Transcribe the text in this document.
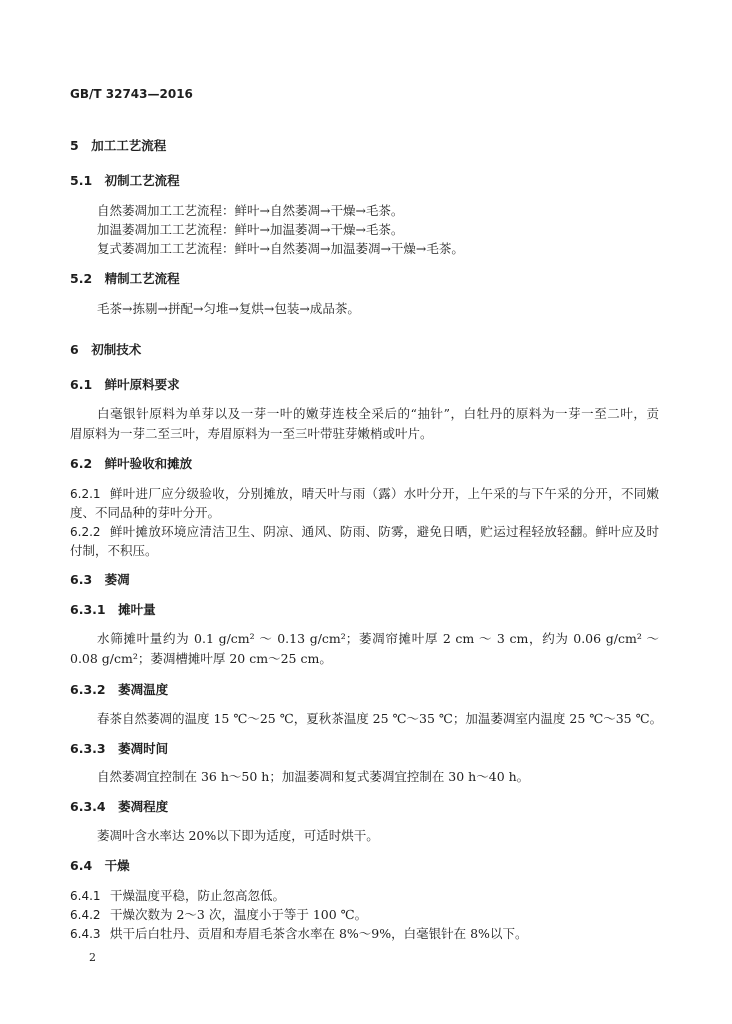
GB/T 32743—2016
5　加工工艺流程
5.1　初制工艺流程
自然萎凋加工工艺流程：鲜叶→自然萎凋→干燥→毛茶。
加温萎凋加工工艺流程：鲜叶→加温萎凋→干燥→毛茶。
复式萎凋加工工艺流程：鲜叶→自然萎凋→加温萎凋→干燥→毛茶。
5.2　精制工艺流程
毛茶→拣剔→拼配→匀堆→复烘→包装→成品茶。
6　初制技术
6.1　鲜叶原料要求
白毫银针原料为单芽以及一芽一叶的嫩芽连枝全采后的“抽针”，白牡丹的原料为一芽一至二叶，贡
眉原料为一芽二至三叶，寿眉原料为一至三叶带驻芽嫩梢或叶片。
6.2　鲜叶验收和摊放
6.2.1 鲜叶进厂应分级验收，分别摊放，晴天叶与雨（露）水叶分开，上午采的与下午采的分开，不同嫩
度、不同品种的芽叶分开。
6.2.2 鲜叶摊放环境应清洁卫生、阴凉、通风、防雨、防雾，避免日晒，贮运过程轻放轻翻。鲜叶应及时
付制，不积压。
6.3　萎凋
6.3.1　摊叶量
水筛摊叶量约为 0.1 g/cm² ～ 0.13 g/cm²；萎凋帘摊叶厚 2 cm ～ 3 cm，约为 0.06 g/cm² ～
0.08 g/cm²；萎凋槽摊叶厚 20 cm～25 cm。
6.3.2　萎凋温度
春茶自然萎凋的温度 15 ℃～25 ℃，夏秋茶温度 25 ℃～35 ℃；加温萎凋室内温度 25 ℃～35 ℃。
6.3.3　萎凋时间
自然萎凋宜控制在 36 h～50 h；加温萎凋和复式萎凋宜控制在 30 h～40 h。
6.3.4　萎凋程度
萎凋叶含水率达 20%以下即为适度，可适时烘干。
6.4　干燥
6.4.1 干燥温度平稳，防止忽高忽低。
6.4.2 干燥次数为 2～3 次，温度小于等于 100 ℃。
6.4.3 烘干后白牡丹、贡眉和寿眉毛茶含水率在 8%～9%，白毫银针在 8%以下。
2
